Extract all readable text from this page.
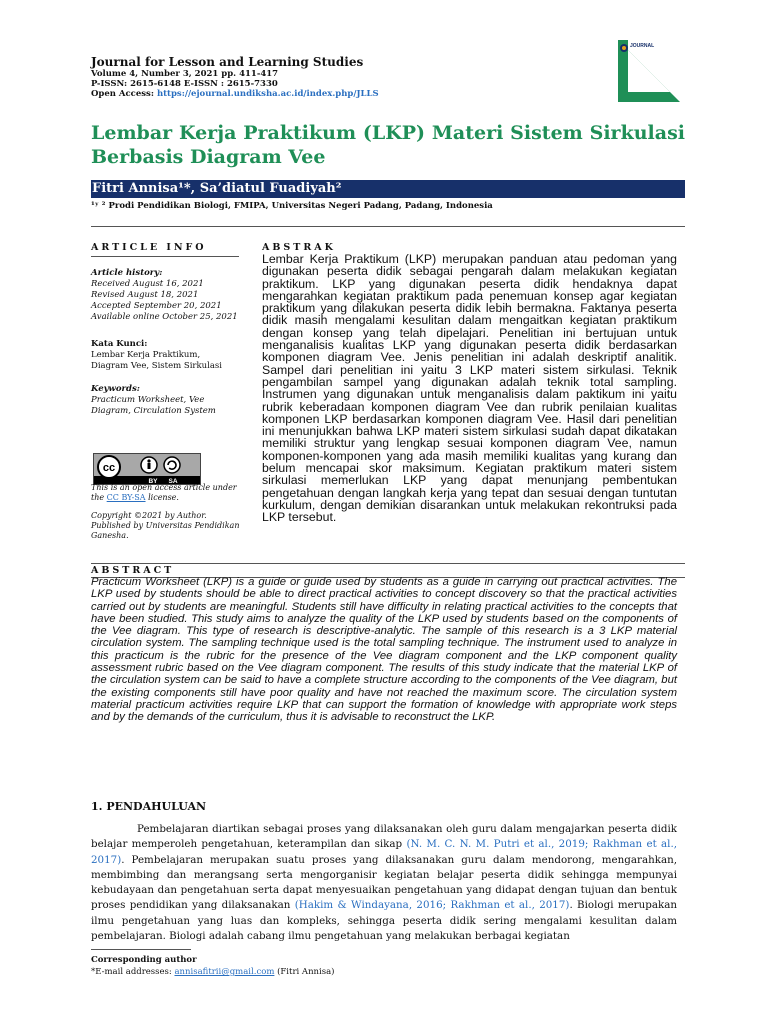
Journal for Lesson and Learning Studies
Volume 4, Number 3, 2021 pp. 411-417
P-ISSN: 2615-6148 E-ISSN : 2615-7330
Open Access: https://ejournal.undiksha.ac.id/index.php/JLLS
JOURNAL
Lembar Kerja Praktikum (LKP) Materi Sistem Sirkulasi Berbasis Diagram Vee
Fitri Annisa¹*, Sa’diatul Fuadiyah²
¹ʸ ² Prodi Pendidikan Biologi, FMIPA, Universitas Negeri Padang, Padang, Indonesia
ARTICLE INFO
Article history:
Received August 16, 2021
Revised August 18, 2021
Accepted September 20, 2021
Available online October 25, 2021
Kata Kunci:
Lembar Kerja Praktikum,
Diagram Vee, Sistem Sirkulasi
Keywords:
Practicum Worksheet, Vee
Diagram, Circulation System
cc
BY SA
This is an open access article under the CC BY-SA license.
Copyright ©2021 by Author. Published by Universitas Pendidikan Ganesha.
ABSTRAK
Lembar Kerja Praktikum (LKP) merupakan panduan atau pedoman yang digunakan peserta didik sebagai pengarah dalam melakukan kegiatan praktikum. LKP yang digunakan peserta didik hendaknya dapat mengarahkan kegiatan praktikum pada penemuan konsep agar kegiatan praktikum yang dilakukan peserta didik lebih bermakna. Faktanya peserta didik masih mengalami kesulitan dalam mengaitkan kegiatan praktikum dengan konsep yang telah dipelajari. Penelitian ini bertujuan untuk menganalisis kualitas LKP yang digunakan peserta didik berdasarkan komponen diagram Vee. Jenis penelitian ini adalah deskriptif analitik. Sampel dari penelitian ini yaitu 3 LKP materi sistem sirkulasi. Teknik pengambilan sampel yang digunakan adalah teknik total sampling. Instrumen yang digunakan untuk menganalisis dalam paktikum ini yaitu rubrik keberadaan komponen diagram Vee dan rubrik penilaian kualitas komponen LKP berdasarkan komponen diagram Vee. Hasil dari penelitian ini menunjukkan bahwa LKP materi sistem sirkulasi sudah dapat dikatakan memiliki struktur yang lengkap sesuai komponen diagram Vee, namun komponen-komponen yang ada masih memiliki kualitas yang kurang dan belum mencapai skor maksimum. Kegiatan praktikum materi sistem sirkulasi memerlukan LKP yang dapat menunjang pembentukan pengetahuan dengan langkah kerja yang tepat dan sesuai dengan tuntutan kurkulum, dengan demikian disarankan untuk melakukan rekontruksi pada LKP tersebut.
ABSTRACT
Practicum Worksheet (LKP) is a guide or guide used by students as a guide in carrying out practical activities. The LKP used by students should be able to direct practical activities to concept discovery so that the practical activities carried out by students are meaningful. Students still have difficulty in relating practical activities to the concepts that have been studied. This study aims to analyze the quality of the LKP used by students based on the components of the Vee diagram. This type of research is descriptive-analytic. The sample of this research is a 3 LKP material circulation system. The sampling technique used is the total sampling technique. The instrument used to analyze in this practicum is the rubric for the presence of the Vee diagram component and the LKP component quality assessment rubric based on the Vee diagram component. The results of this study indicate that the material LKP of the circulation system can be said to have a complete structure according to the components of the Vee diagram, but the existing components still have poor quality and have not reached the maximum score. The circulation system material practicum activities require LKP that can support the formation of knowledge with appropriate work steps and by the demands of the curriculum, thus it is advisable to reconstruct the LKP.
1. PENDAHULUAN

Pembelajaran diartikan sebagai proses yang dilaksanakan oleh guru dalam mengajarkan peserta didik belajar memperoleh pengetahuan, keterampilan dan sikap (N. M. C. N. M. Putri et al., 2019; Rakhman et al., 2017). Pembelajaran merupakan suatu proses yang dilaksanakan guru dalam mendorong, mengarahkan, membimbing dan merangsang serta mengorganisir kegiatan belajar peserta didik sehingga mempunyai kebudayaan dan pengetahuan serta dapat menyesuaikan pengetahuan yang didapat dengan tujuan dan bentuk proses pendidikan yang dilaksanakan (Hakim & Windayana, 2016; Rakhman et al., 2017). Biologi merupakan ilmu pengetahuan yang luas dan kompleks, sehingga peserta didik sering mengalami kesulitan dalam pembelajaran. Biologi adalah cabang ilmu pengetahuan yang melakukan berbagai kegiatan

Corresponding author
*E-mail addresses: annisafitrii@gmail.com (Fitri Annisa)
